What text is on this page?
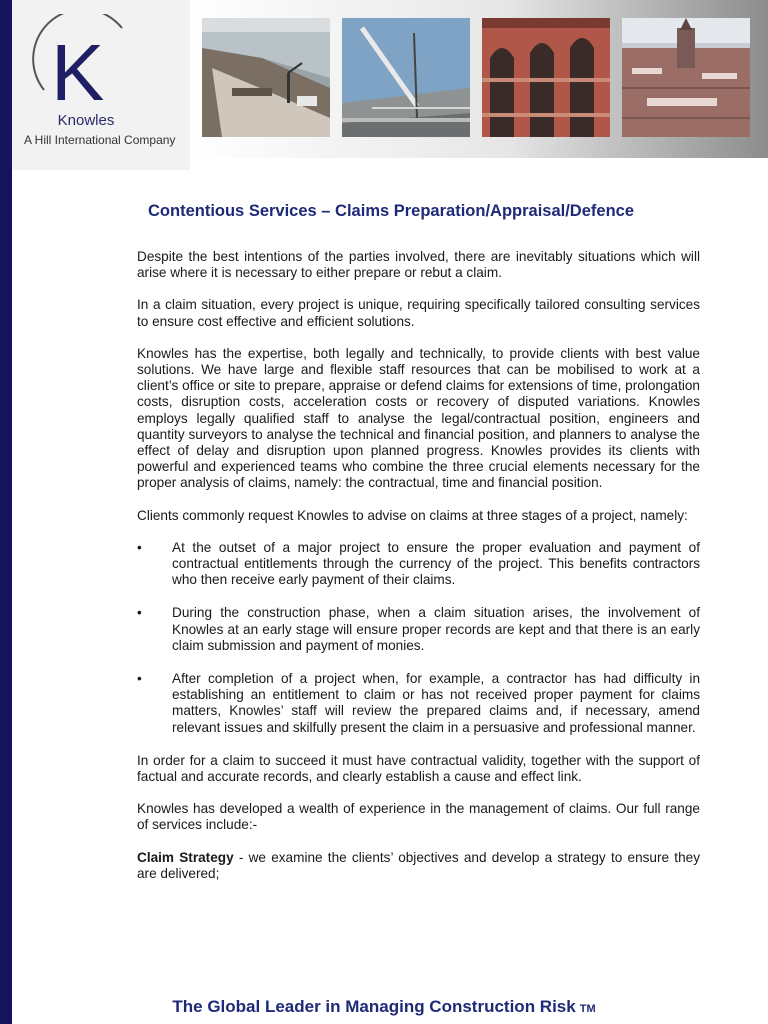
K
Knowles
A Hill International Company
Contentious Services – Claims Preparation/Appraisal/Defence

Despite the best intentions of the parties involved, there are inevitably situations which will arise where it is necessary to either prepare or rebut a claim.

In a claim situation, every project is unique, requiring specifically tailored consulting services to ensure cost effective and efficient solutions.

Knowles has the expertise, both legally and technically, to provide clients with best value solutions. We have large and flexible staff resources that can be mobilised to work at a client’s office or site to prepare, appraise or defend claims for extensions of time, prolongation costs, disruption costs, acceleration costs or recovery of disputed variations. Knowles employs legally qualified staff to analyse the legal/contractual position, engineers and quantity surveyors to analyse the technical and financial position, and planners to analyse the effect of delay and disruption upon planned progress. Knowles provides its clients with powerful and experienced teams who combine the three crucial elements necessary for the proper analysis of claims, namely: the contractual, time and financial position.

Clients commonly request Knowles to advise on claims at three stages of a project, namely:

• At the outset of a major project to ensure the proper evaluation and payment of contractual entitlements through the currency of the project. This benefits contractors who then receive early payment of their claims.
• During the construction phase, when a claim situation arises, the involvement of Knowles at an early stage will ensure proper records are kept and that there is an early claim submission and payment of monies.
• After completion of a project when, for example, a contractor has had difficulty in establishing an entitlement to claim or has not received proper payment for claims matters, Knowles’ staff will review the prepared claims and, if necessary, amend relevant issues and skilfully present the claim in a persuasive and professional manner.

In order for a claim to succeed it must have contractual validity, together with the support of factual and accurate records, and clearly establish a cause and effect link.

Knowles has developed a wealth of experience in the management of claims. Our full range of services include:-

Claim Strategy - we examine the clients’ objectives and develop a strategy to ensure they are delivered;

The Global Leader in Managing Construction Risk TM
